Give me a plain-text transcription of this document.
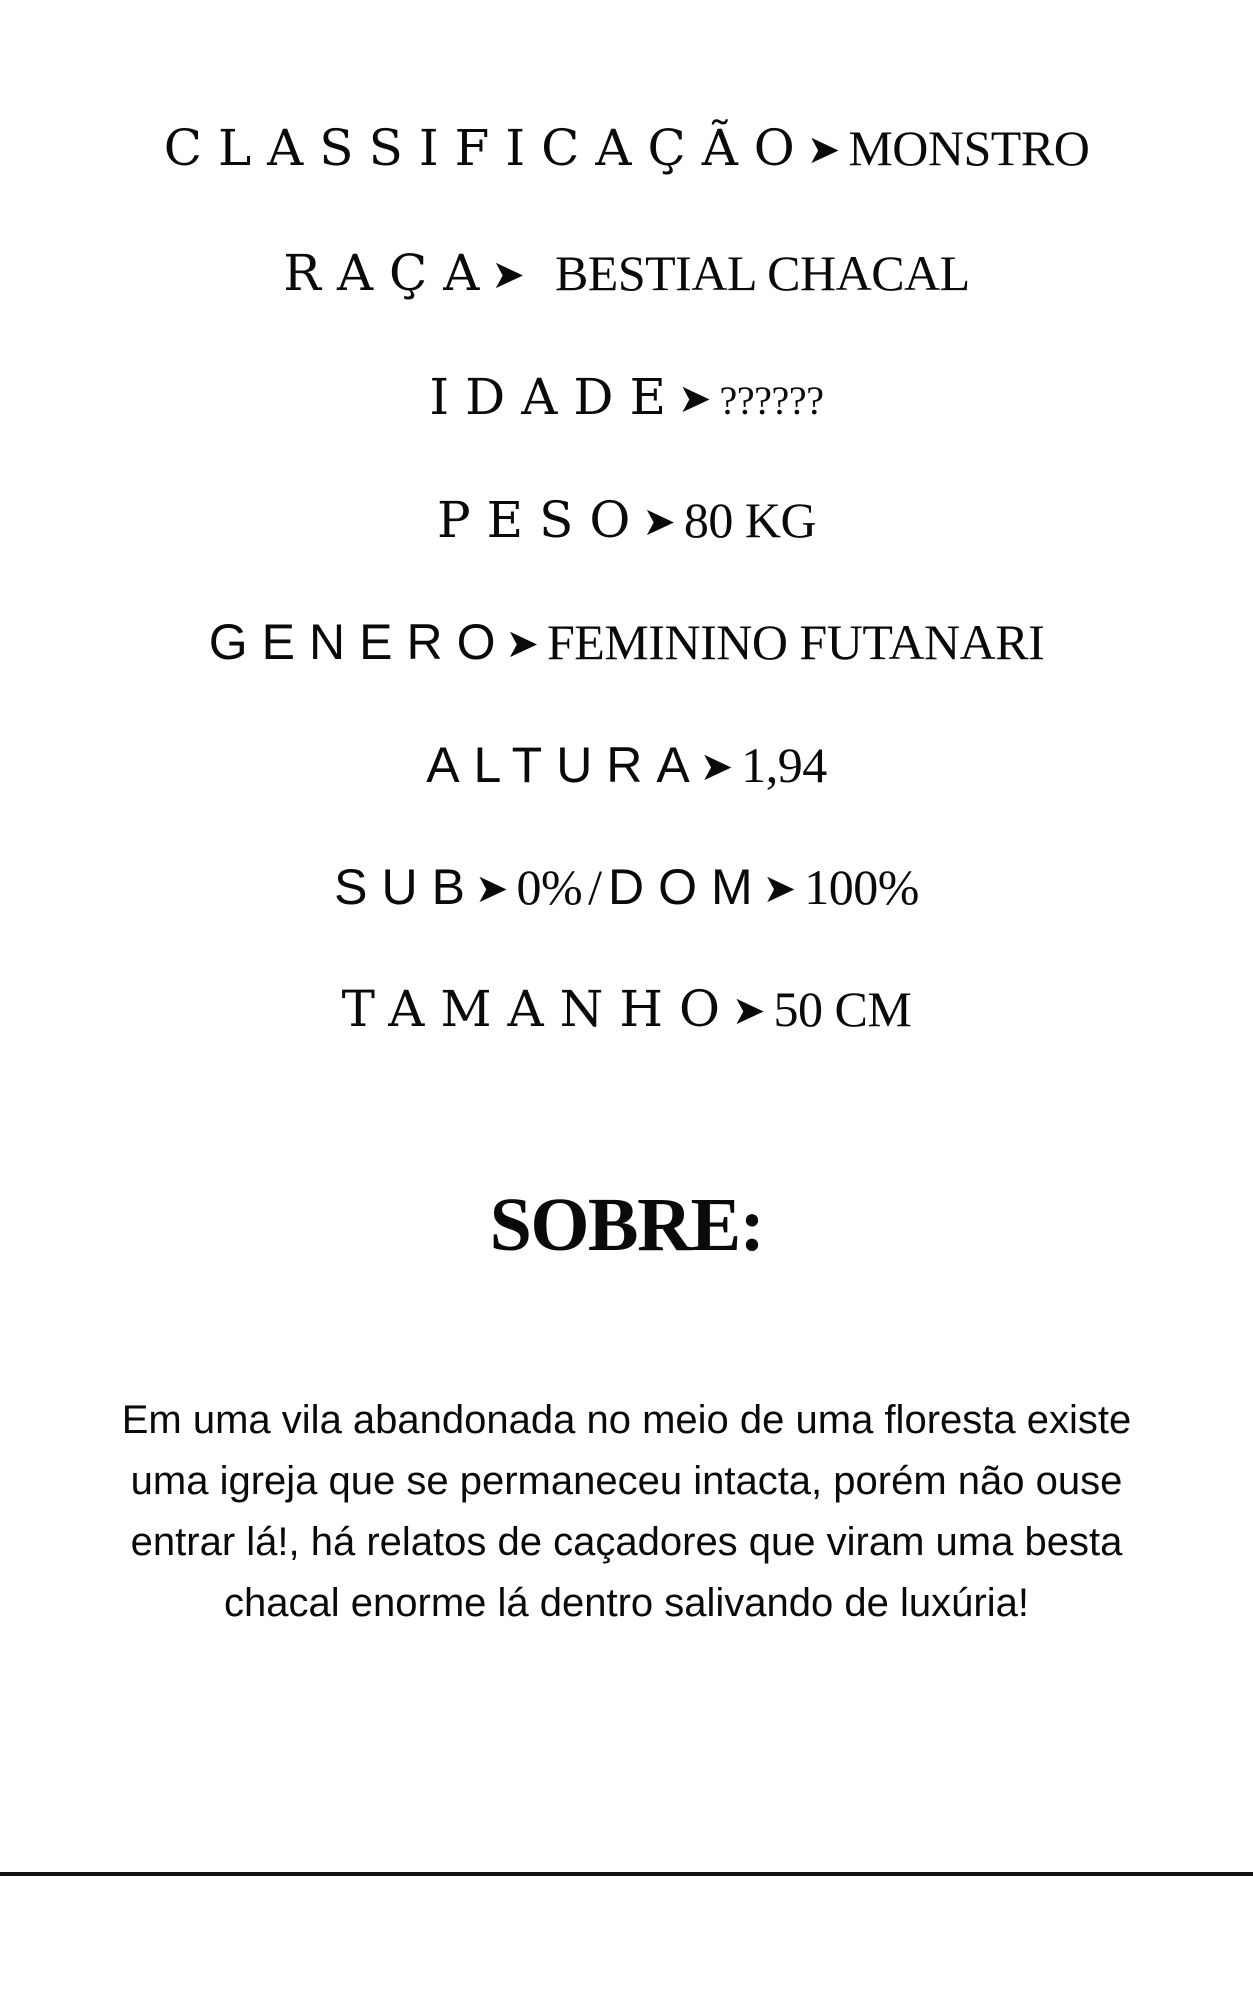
CLASSIFICAÇÃO➤ MONSTRO
RAÇA➤ BESTIAL CHACAL
IDADE➤ ??????
PESO➤ 80 KG
GENERO➤ FEMININO FUTANARI
ALTURA➤ 1,94
SUB➤ 0% / DOM➤ 100%
TAMANHO➤ 50 CM
SOBRE:

Em uma vila abandonada no meio de uma floresta existe uma igreja que se permaneceu intacta, porém não ouse entrar lá!, há relatos de caçadores que viram uma besta chacal enorme lá dentro salivando de luxúria!
